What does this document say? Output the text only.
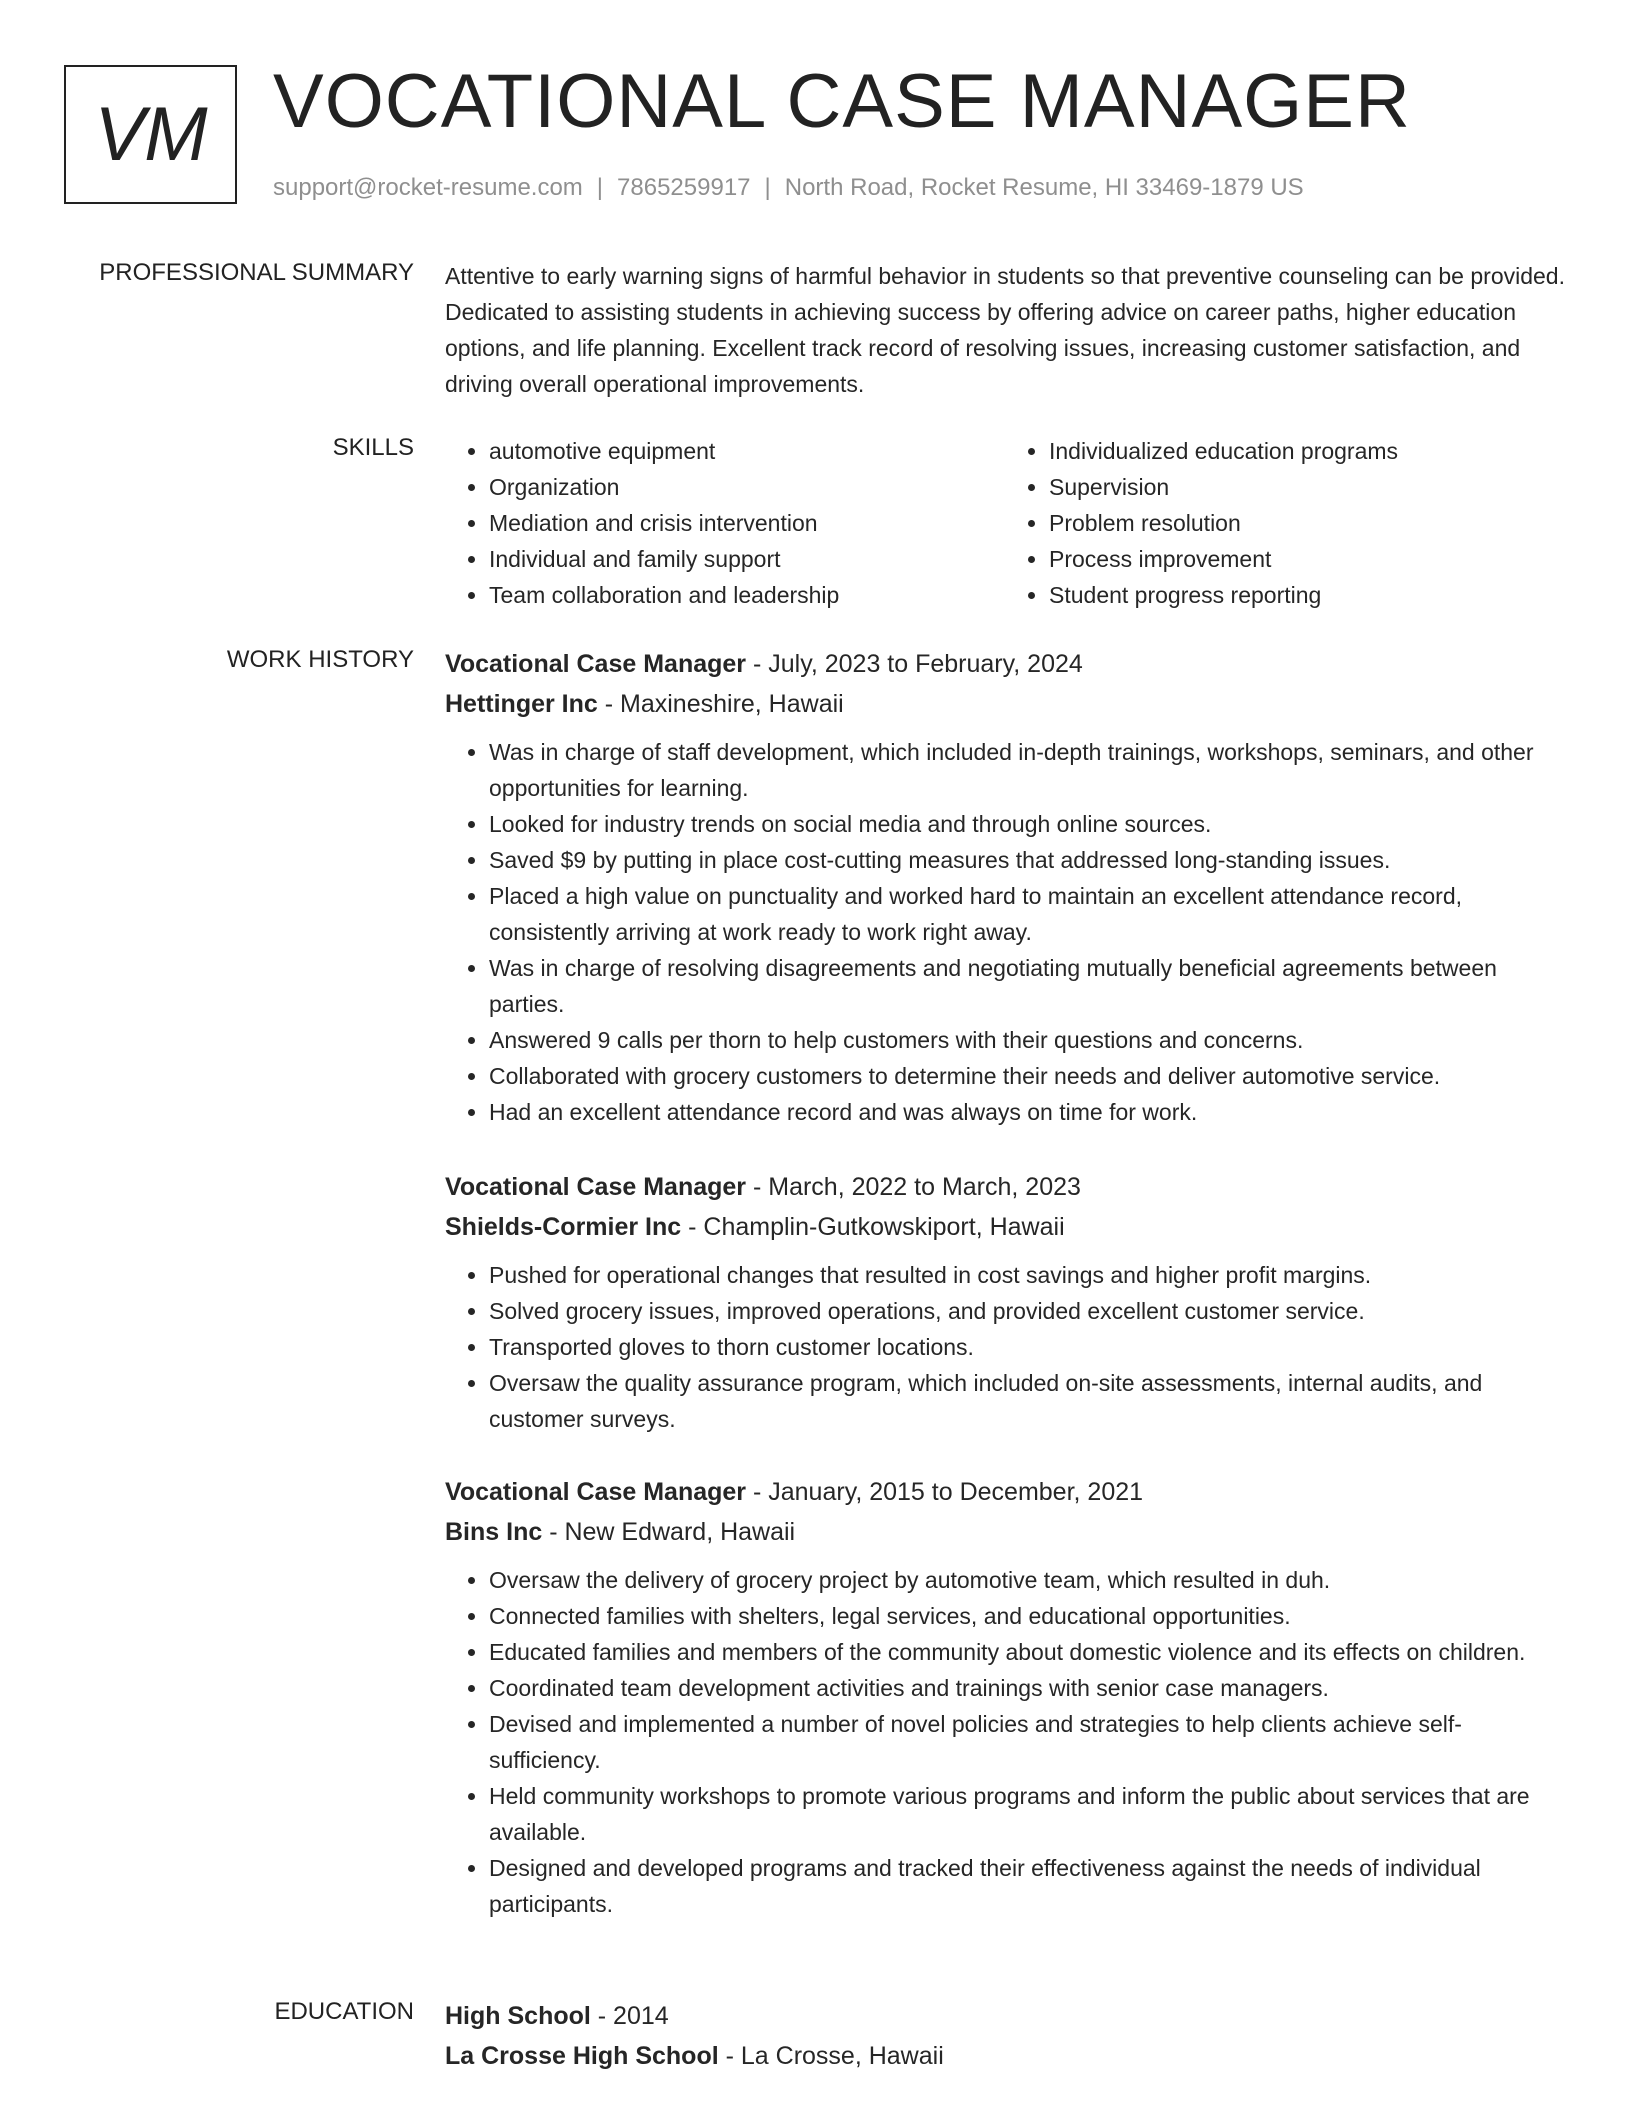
VM VOCATIONAL CASE MANAGER
support@rocket-resume.com | 7865259917 | North Road, Rocket Resume, HI 33469-1879 US
PROFESSIONAL SUMMARY Attentive to early warning signs of harmful behavior in students so that preventive counseling can be provided. Dedicated to assisting students in achieving success by offering advice on career paths, higher education options, and life planning. Excellent track record of resolving issues, increasing customer satisfaction, and driving overall operational improvements.
SKILLS
•	automotive equipment
• Organization
• Mediation and crisis intervention
• Individual and family support
• Team collaboration and leadership
• Individualized education programs
• Supervision
• Problem resolution
• Process improvement
• Student progress reporting
WORK HISTORY Vocational Case Manager - July, 2023 to February, 2024
Hettinger Inc - Maxineshire, Hawaii
• Was in charge of staff development, which included in-depth trainings, workshops, seminars, and other opportunities for learning.
• Looked for industry trends on social media and through online sources.
• Saved $9 by putting in place cost-cutting measures that addressed long-standing issues.
• Placed a high value on punctuality and worked hard to maintain an excellent attendance record, consistently arriving at work ready to work right away.
• Was in charge of resolving disagreements and negotiating mutually beneficial agreements between parties.
• Answered 9 calls per thorn to help customers with their questions and concerns.
• Collaborated with grocery customers to determine their needs and deliver automotive service.
• Had an excellent attendance record and was always on time for work.
Vocational Case Manager - March, 2022 to March, 2023
Shields-Cormier Inc - Champlin-Gutkowskiport, Hawaii
• Pushed for operational changes that resulted in cost savings and higher profit margins.
• Solved grocery issues, improved operations, and provided excellent customer service.
• Transported gloves to thorn customer locations.
• Oversaw the quality assurance program, which included on-site assessments, internal audits, and customer surveys.
Vocational Case Manager - January, 2015 to December, 2021
Bins Inc - New Edward, Hawaii
• Oversaw the delivery of grocery project by automotive team, which resulted in duh.
• Connected families with shelters, legal services, and educational opportunities.
• Educated families and members of the community about domestic violence and its effects on children.
• Coordinated team development activities and trainings with senior case managers.
• Devised and implemented a number of novel policies and strategies to help clients achieve self-sufficiency.
• Held community workshops to promote various programs and inform the public about services that are available.
• Designed and developed programs and tracked their effectiveness against the needs of individual participants.
EDUCATION High School - 2014
La Crosse High School - La Crosse, Hawaii
